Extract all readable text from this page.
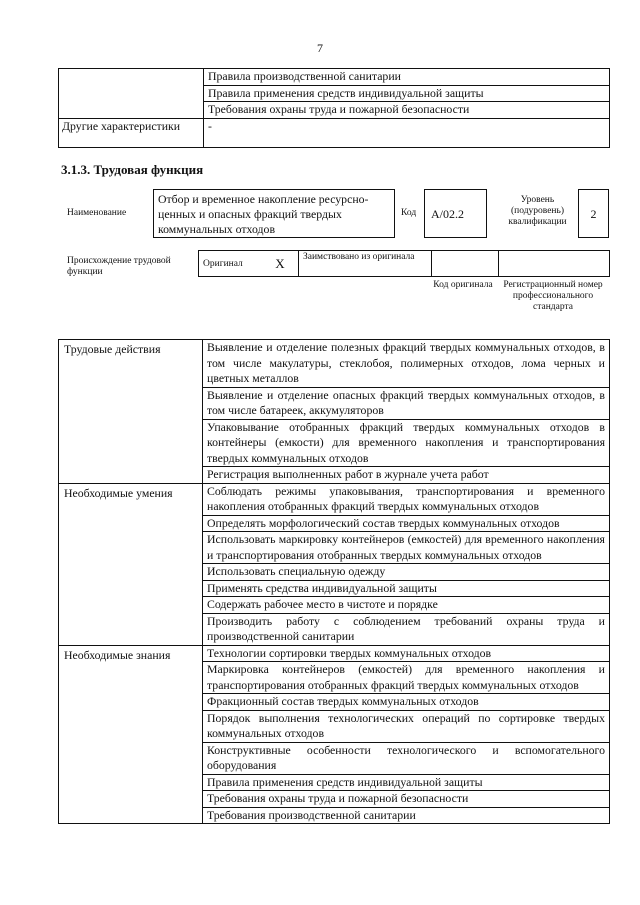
7
	Правила производственной санитарии
	Правила применения средств индивидуальной защиты
	Требования охраны труда и пожарной безопасности
Другие характеристики	-
3.1.3. Трудовая функция
Наименование
Отбор и временное накопление ресурсно-ценных и опасных фракций твердых коммунальных отходов
Код	А/02.2
Уровень (подуровень) квалификации
2
Происхождение трудовой функции
Оригинал	X	Заимствовано из оригинала		
Код оригинала	Регистрационный номер профессионального стандарта
Трудовые действия	Выявление и отделение полезных фракций твердых коммунальных отходов, в том числе макулатуры, стеклобоя, полимерных отходов, лома черных и цветных металлов
	Выявление и отделение опасных фракций твердых коммунальных отходов, в том числе батареек, аккумуляторов
	Упаковывание отобранных фракций твердых коммунальных отходов в контейнеры (емкости) для временного накопления и транспортирования твердых коммунальных отходов
	Регистрация выполненных работ в журнале учета работ
Необходимые умения	Соблюдать режимы упаковывания, транспортирования и временного накопления отобранных фракций твердых коммунальных отходов
	Определять морфологический состав твердых коммунальных отходов
	Использовать маркировку контейнеров (емкостей) для временного накопления и транспортирования отобранных твердых коммунальных отходов
	Использовать специальную одежду
	Применять средства индивидуальной защиты
	Содержать рабочее место в чистоте и порядке
	Производить работу с соблюдением требований охраны труда и производственной санитарии
Необходимые знания	Технологии сортировки твердых коммунальных отходов
	Маркировка контейнеров (емкостей) для временного накопления и транспортирования отобранных фракций твердых коммунальных отходов
	Фракционный состав твердых коммунальных отходов
	Порядок выполнения технологических операций по сортировке твердых коммунальных отходов
	Конструктивные особенности технологического и вспомогательного оборудования
	Правила применения средств индивидуальной защиты
	Требования охраны труда и пожарной безопасности
	Требования производственной санитарии
